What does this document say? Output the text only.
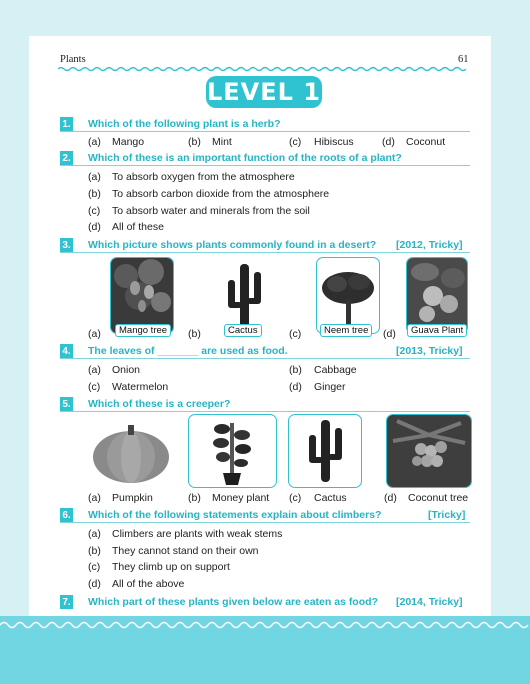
Plants	61
LEVEL 1
1. Which of the following plant is a herb?
(a) Mango	(b) Mint	(c) Hibiscus	(d) Coconut
2. Which of these is an important function of the roots of a plant?
(a) To absorb oxygen from the atmosphere
(b) To absorb carbon dioxide from the atmosphere
(c) To absorb water and minerals from the soil
(d) All of these
3. Which picture shows plants commonly found in a desert? [2012, Tricky]
(a)	Mango tree	(b)	Cactus	(c)	Neem tree	(d)	Guava Plant
4. The leaves of _______ are used as food.	[2013, Tricky]
(a) Onion	(b) Cabbage
(c) Watermelon	(d) Ginger
5. Which of these is a creeper?
(a) Pumpkin	(b) Money plant (c) Cactus	(d) Coconut tree
6. Which of the following statements explain about climbers?	[Tricky]
(a) Climbers are plants with weak stems
(b) They cannot stand on their own
(c) They climb up on support
(d) All of the above
7. Which part of these plants given below are eaten as food? [2014, Tricky]
